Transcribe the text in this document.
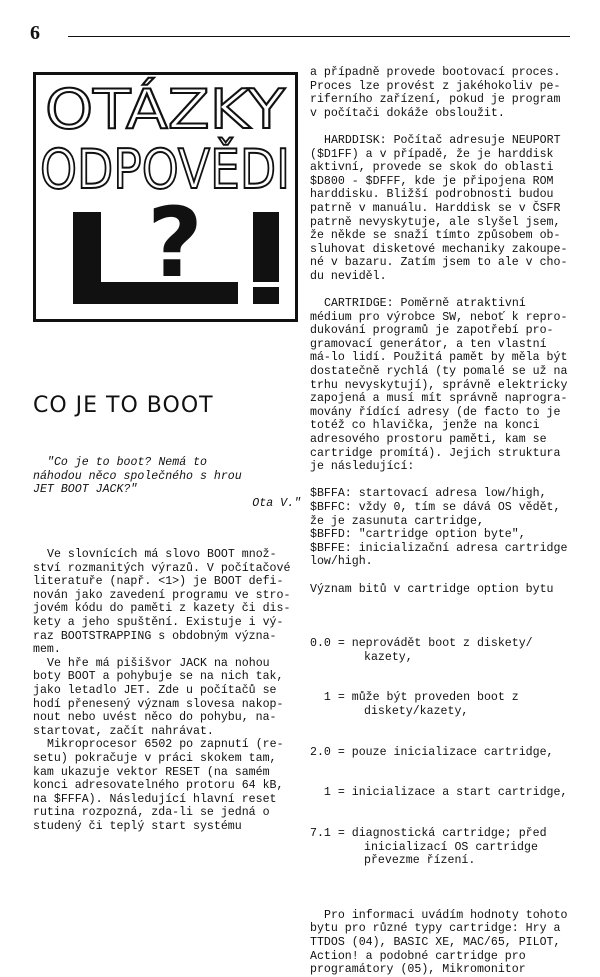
6
OTÁZKY
ODPOVĚDI
?
CO JE TO BOOT

"Co je to boot? Nemá to

náhodou něco společného s hrou

JET BOOT JACK?"

Ota V."

Ve slovnících má slovo BOOT množ-ství rozmanitých výrazů. V počítačové literatuře (např. <1>) je BOOT defi-nován jako zavedení programu ve stro-jovém kódu do paměti z kazety či dis-kety a jeho spuštění. Existuje i vý-raz BOOTSTRAPPING s obdobným význa-mem.

Ve hře má pišišvor JACK na nohou boty BOOT a pohybuje se na nich tak, jako letadlo JET. Zde u počítačů se hodí přenesený význam slovesa nakop-nout nebo uvést něco do pohybu, na-startovat, začít nahrávat.

Mikroprocesor 6502 po zapnutí (re-setu) pokračuje v práci skokem tam, kam ukazuje vektor RESET (na samém konci adresovatelného protoru 64 kB, na $FFFA). Následující hlavní reset rutina rozpozná, zda-li se jedná o studený či teplý start systému

a případně provede bootovací proces. Proces lze provést z jakéhokoliv pe-riferního zařízení, pokud je program v počítači dokáže obsloužit.

HARDDISK: Počítač adresuje NEUPORT ($D1FF) a v případě, že je harddisk aktivní, provede se skok do oblasti $D800 - $DFFF, kde je připojena ROM harddisku. Bližší podrobnosti budou patrně v manuálu. Harddisk se v ČSFR patrně nevyskytuje, ale slyšel jsem, že někde se snaží tímto způsobem ob-sluhovat disketové mechaniky zakoupe-né v bazaru. Zatím jsem to ale v cho-du neviděl.

CARTRIDGE: Poměrně atraktivní médium pro výrobce SW, neboť k repro-dukování programů je zapotřebí pro-gramovací generátor, a ten vlastní má-lo lidí. Použitá pamět by měla být dostatečně rychlá (ty pomalé se už na trhu nevyskytují), správně elektricky zapojená a musí mít správně naprogra-movány řídící adresy (de facto to je totéž co hlavička, jenže na konci adresového prostoru paměti, kam se cartridge promítá). Jejich struktura je následující:

$BFFA: startovací adresa low/high,

$BFFC: vždy 0, tím se dává OS vědět, že je zasunuta cartridge,

$BFFD: "cartridge option byte",

$BFFE: inicializační adresa cartridge low/high.

Význam bitů v cartridge option bytu

0.0 = neprovádět boot z diskety/ kazety,

1 = může být proveden boot z diskety/kazety,

2.0 = pouze inicializace cartridge,

1 = inicializace a start cartridge,

7.1 = diagnostická cartridge; před inicializací OS cartridge převezme řízení.

Pro informaci uvádím hodnoty tohoto bytu pro různé typy cartridge: Hry a TTDOS (04), BASIC XE, MAC/65, PILOT, Action! a podobné cartridge pro programátory (05), Mikromonitor
